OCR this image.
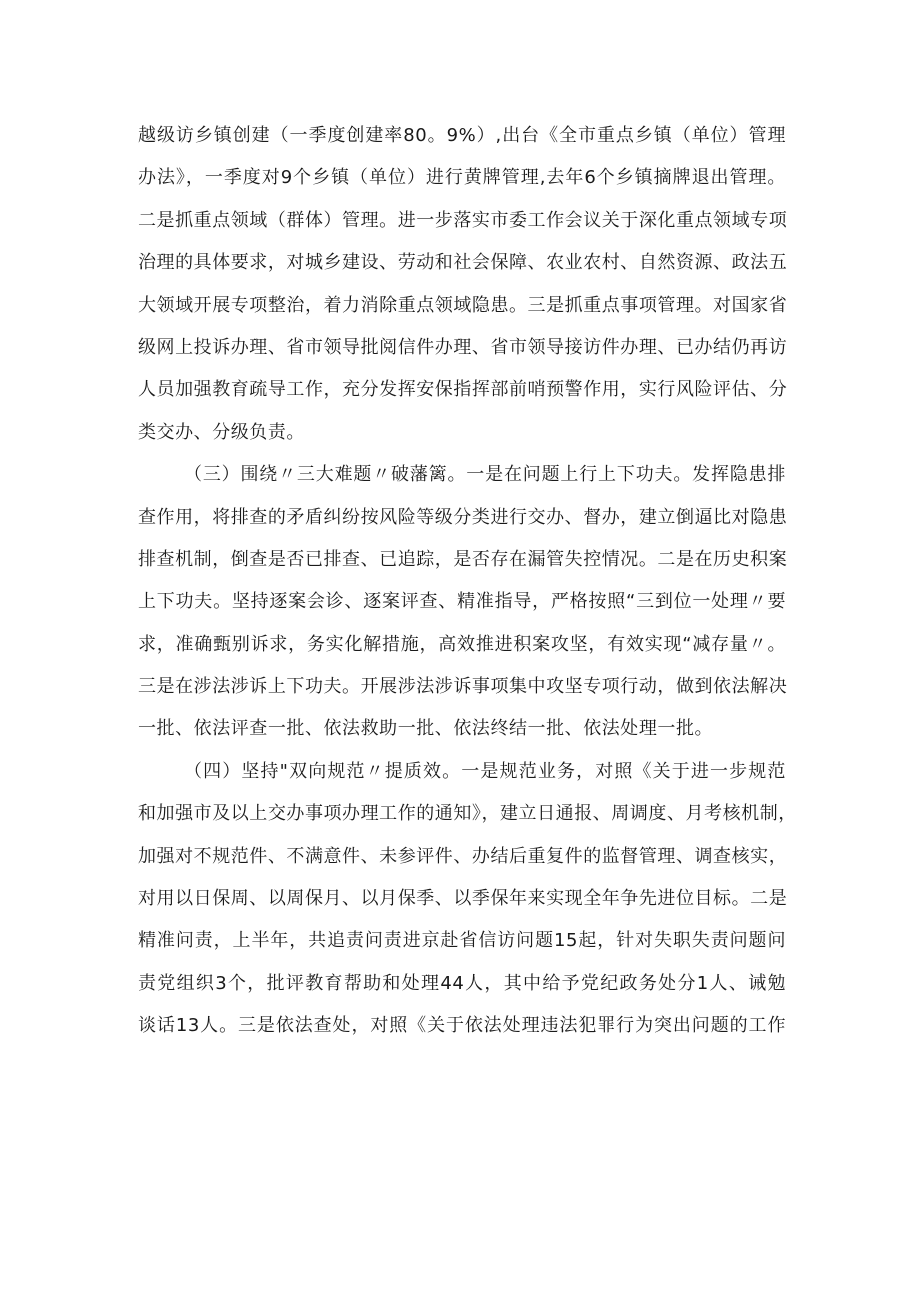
越级访乡镇创建（一季度创建率80。9%）,出台《全市重点乡镇（单位）管理
办法》，一季度对9个乡镇（单位）进行黄牌管理,去年6个乡镇摘牌退出管理。
二是抓重点领域（群体）管理。进一步落实市委工作会议关于深化重点领域专项
治理的具体要求，对城乡建设、劳动和社会保障、农业农村、自然资源、政法五
大领域开展专项整治，着力消除重点领域隐患。三是抓重点事项管理。对国家省
级网上投诉办理、省市领导批阅信件办理、省市领导接访件办理、已办结仍再访
人员加强教育疏导工作，充分发挥安保指挥部前哨预警作用，实行风险评估、分
类交办、分级负责。
（三）围绕〃三大难题〃破藩篱。一是在问题上行上下功夫。发挥隐患排
查作用，将排查的矛盾纠纷按风险等级分类进行交办、督办，建立倒逼比对隐患
排查机制，倒查是否已排查、已追踪，是否存在漏管失控情况。二是在历史积案
上下功夫。坚持逐案会诊、逐案评查、精准指导，严格按照“三到位一处理〃要
求，准确甄别诉求，务实化解措施，高效推进积案攻坚，有效实现“减存量〃。
三是在涉法涉诉上下功夫。开展涉法涉诉事项集中攻坚专项行动，做到依法解决
一批、依法评查一批、依法救助一批、依法终结一批、依法处理一批。
（四）坚持"双向规范〃提质效。一是规范业务，对照《关于进一步规范
和加强市及以上交办事项办理工作的通知》，建立日通报、周调度、月考核机制，
加强对不规范件、不满意件、未参评件、办结后重复件的监督管理、调查核实，
对用以日保周、以周保月、以月保季、以季保年来实现全年争先进位目标。二是
精准问责，上半年，共追责问责进京赴省信访问题15起，针对失职失责问题问
责党组织3个，批评教育帮助和处理44人，其中给予党纪政务处分1人、诫勉
谈话13人。三是依法查处，对照《关于依法处理违法犯罪行为突出问题的工作
